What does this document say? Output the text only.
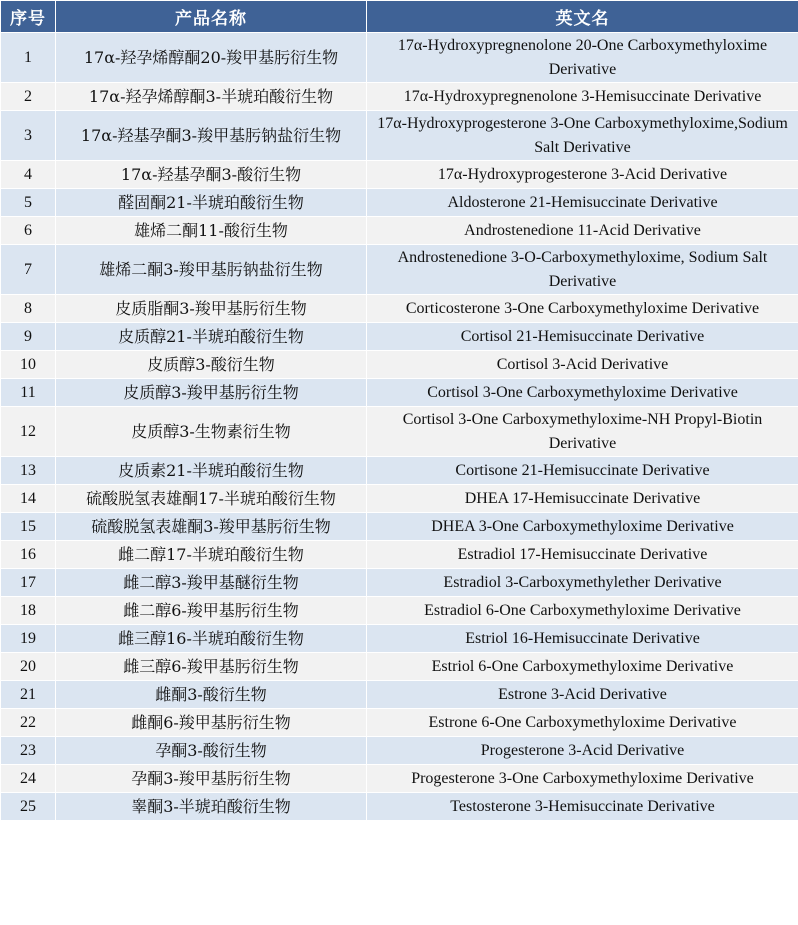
序号	产品名称	英文名
1	17α-羟孕烯醇酮20-羧甲基肟衍生物	17α-Hydroxypregnenolone 20-One Carboxymethyloxime Derivative
2	17α-羟孕烯醇酮3-半琥珀酸衍生物	17α-Hydroxypregnenolone 3-Hemisuccinate Derivative
3	17α-羟基孕酮3-羧甲基肟钠盐衍生物	17α-Hydroxyprogesterone 3-One Carboxymethyloxime,Sodium Salt Derivative
4	17α-羟基孕酮3-酸衍生物	17α-Hydroxyprogesterone 3-Acid Derivative
5	醛固酮21-半琥珀酸衍生物	Aldosterone 21-Hemisuccinate Derivative
6	雄烯二酮11-酸衍生物	Androstenedione 11-Acid Derivative
7	雄烯二酮3-羧甲基肟钠盐衍生物	Androstenedione 3-O-Carboxymethyloxime, Sodium Salt Derivative
8	皮质脂酮3-羧甲基肟衍生物	Corticosterone 3-One Carboxymethyloxime Derivative
9	皮质醇21-半琥珀酸衍生物	Cortisol 21-Hemisuccinate Derivative
10	皮质醇3-酸衍生物	Cortisol 3-Acid Derivative
11	皮质醇3-羧甲基肟衍生物	Cortisol 3-One Carboxymethyloxime Derivative
12	皮质醇3-生物素衍生物	Cortisol 3-One Carboxymethyloxime-NH Propyl-Biotin Derivative
13	皮质素21-半琥珀酸衍生物	Cortisone 21-Hemisuccinate Derivative
14	硫酸脱氢表雄酮17-半琥珀酸衍生物	DHEA 17-Hemisuccinate Derivative
15	硫酸脱氢表雄酮3-羧甲基肟衍生物	DHEA 3-One Carboxymethyloxime Derivative
16	雌二醇17-半琥珀酸衍生物	Estradiol 17-Hemisuccinate Derivative
17	雌二醇3-羧甲基醚衍生物	Estradiol 3-Carboxymethylether Derivative
18	雌二醇6-羧甲基肟衍生物	Estradiol 6-One Carboxymethyloxime Derivative
19	雌三醇16-半琥珀酸衍生物	Estriol 16-Hemisuccinate Derivative
20	雌三醇6-羧甲基肟衍生物	Estriol 6-One Carboxymethyloxime Derivative
21	雌酮3-酸衍生物	Estrone 3-Acid Derivative
22	雌酮6-羧甲基肟衍生物	Estrone 6-One Carboxymethyloxime Derivative
23	孕酮3-酸衍生物	Progesterone 3-Acid Derivative
24	孕酮3-羧甲基肟衍生物	Progesterone 3-One Carboxymethyloxime Derivative
25	睾酮3-半琥珀酸衍生物	Testosterone 3-Hemisuccinate Derivative
